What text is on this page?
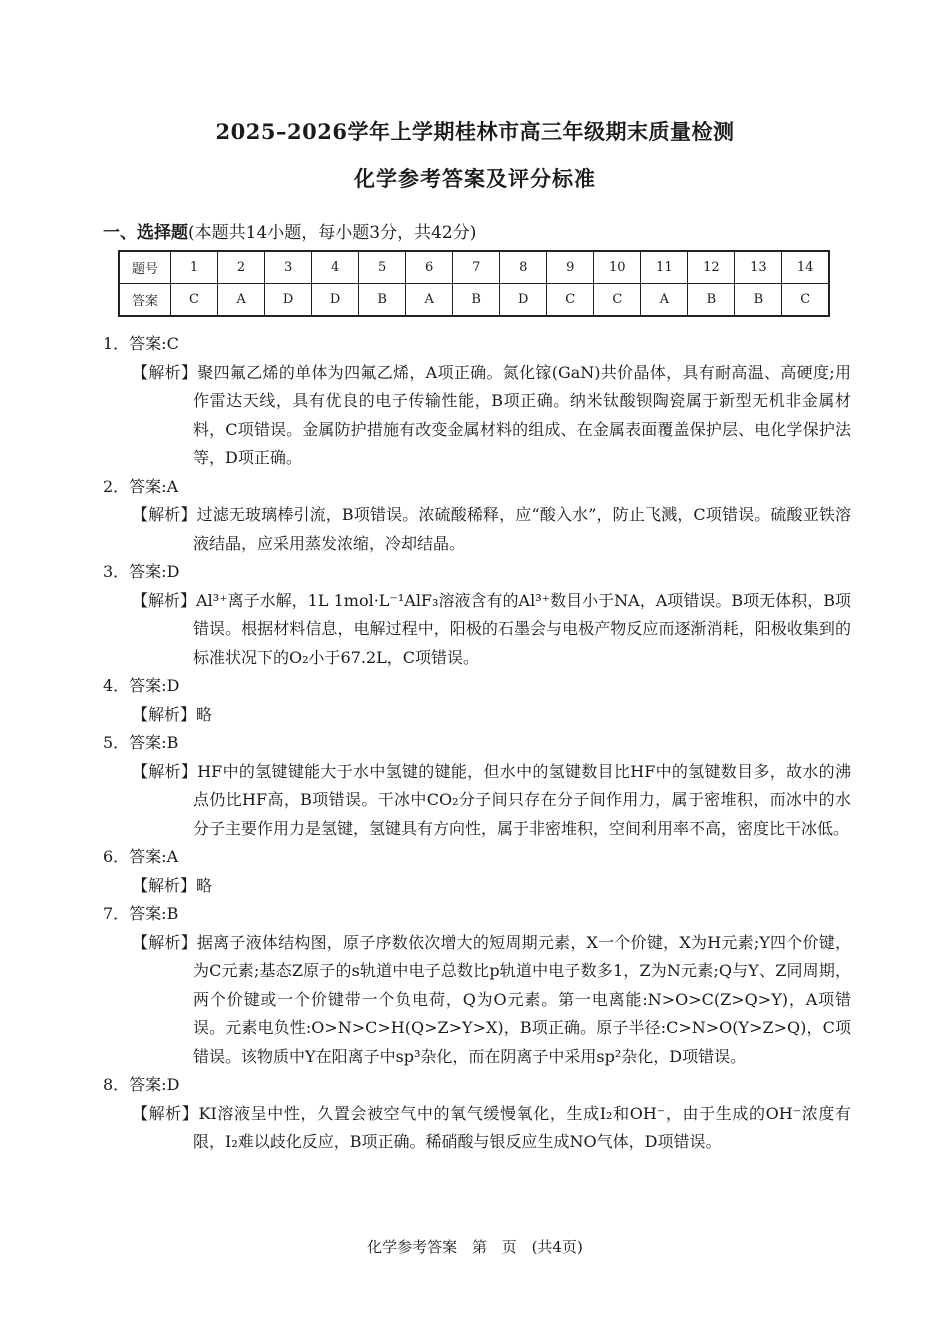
2025–2026学年上学期桂林市高三年级期末质量检测
化学参考答案及评分标准
一、选择题(本题共14小题，每小题3分，共42分)
题号	1	2	3	4	5	6	7	8	9	10	11	12	13	14
答案	C	A	D	D	B	A	B	D	C	C	A	B	B	C

1．答案:C

【解析】聚四氟乙烯的单体为四氟乙烯，A项正确。氮化镓(GaN)共价晶体，具有耐高温、高硬度;用作雷达天线，具有优良的电子传输性能，B项正确。纳米钛酸钡陶瓷属于新型无机非金属材料，C项错误。金属防护措施有改变金属材料的组成、在金属表面覆盖保护层、电化学保护法等，D项正确。

2．答案:A

【解析】过滤无玻璃棒引流，B项错误。浓硫酸稀释，应“酸入水”，防止飞溅，C项错误。硫酸亚铁溶液结晶，应采用蒸发浓缩，冷却结晶。

3．答案:D

【解析】Al³⁺离子水解，1L 1mol·L⁻¹AlF₃溶液含有的Al³⁺数目小于NA，A项错误。B项无体积，B项错误。根据材料信息，电解过程中，阳极的石墨会与电极产物反应而逐渐消耗，阳极收集到的标准状况下的O₂小于67.2L，C项错误。

4．答案:D

【解析】略

5．答案:B

【解析】HF中的氢键键能大于水中氢键的键能，但水中的氢键数目比HF中的氢键数目多，故水的沸点仍比HF高，B项错误。干冰中CO₂分子间只存在分子间作用力，属于密堆积，而冰中的水分子主要作用力是氢键，氢键具有方向性，属于非密堆积，空间利用率不高，密度比干冰低。

6．答案:A

【解析】略

7．答案:B

【解析】据离子液体结构图，原子序数依次增大的短周期元素，X一个价键，X为H元素;Y四个价键，为C元素;基态Z原子的s轨道中电子总数比p轨道中电子数多1，Z为N元素;Q与Y、Z同周期，两个价键或一个价键带一个负电荷，Q为O元素。第一电离能:N>O>C(Z>Q>Y)，A项错误。元素电负性:O>N>C>H(Q>Z>Y>X)，B项正确。原子半径:C>N>O(Y>Z>Q)，C项错误。该物质中Y在阳离子中sp³杂化，而在阴离子中采用sp²杂化，D项错误。

8．答案:D

【解析】KI溶液呈中性，久置会被空气中的氧气缓慢氧化，生成I₂和OH⁻，由于生成的OH⁻浓度有限，I₂难以歧化反应，B项正确。稀硝酸与银反应生成NO气体，D项错误。

化学参考答案 第 页 (共4页)
